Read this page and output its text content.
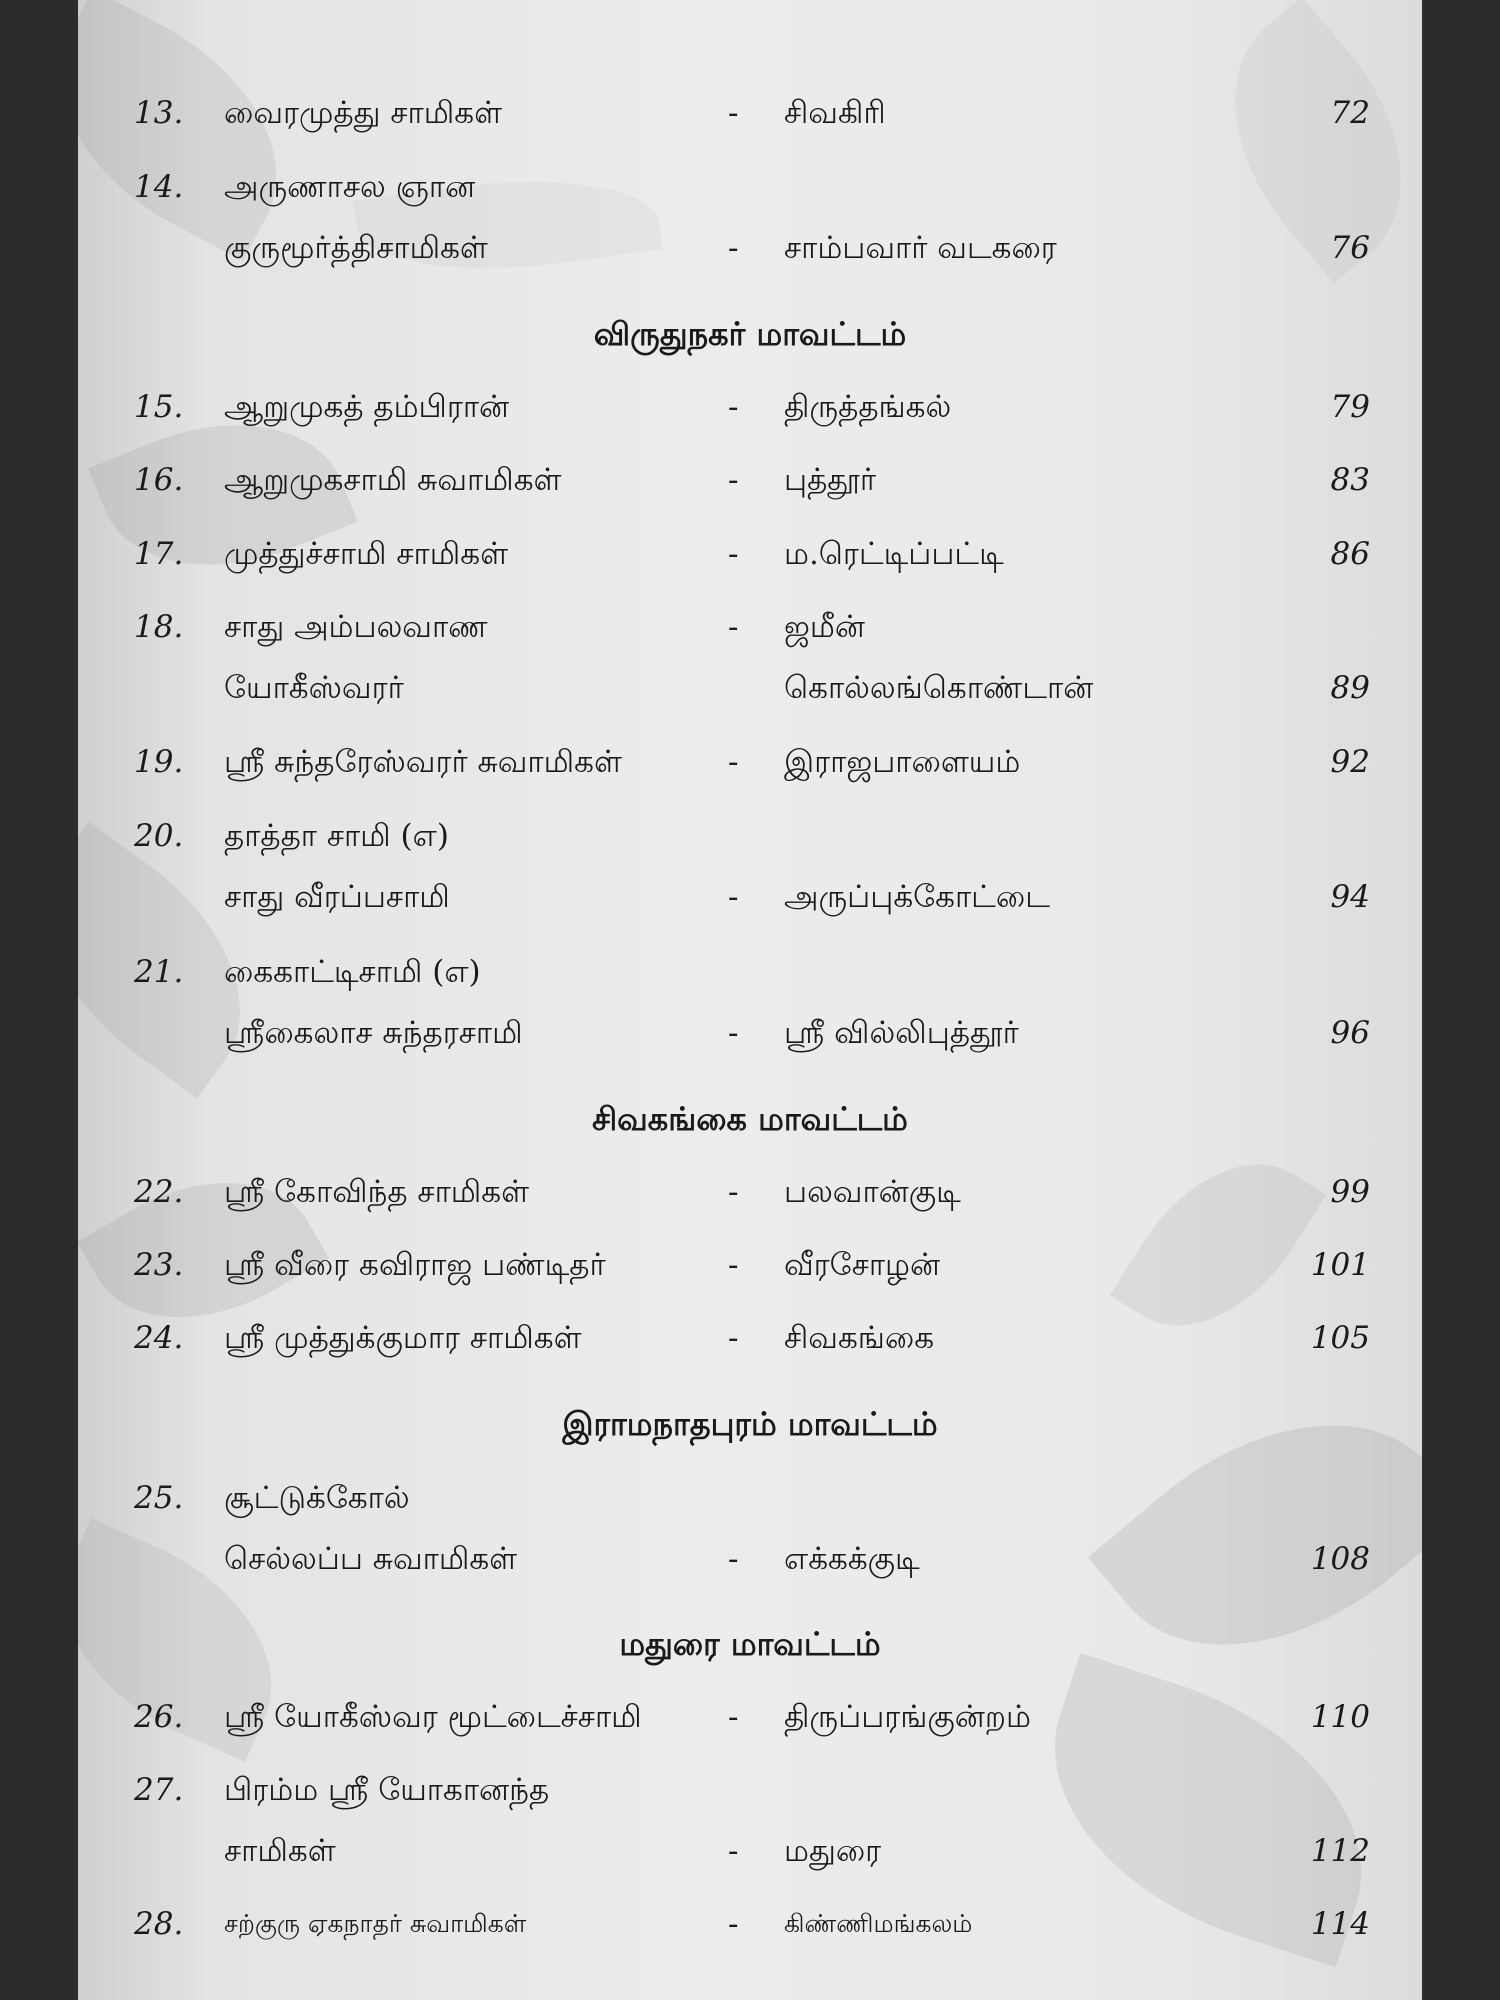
13. வைரமுத்து சாமிகள்	- சிவகிரி	72
14. அருணாசல ஞான
குருமூர்த்திசாமிகள்	- சாம்பவார் வடகரை	76
விருதுநகர் மாவட்டம்
15. ஆறுமுகத் தம்பிரான்	- திருத்தங்கல்	79
16. ஆறுமுகசாமி சுவாமிகள்	- புத்தூர்	83
17. முத்துச்சாமி சாமிகள்	- ம.ரெட்டிப்பட்டி	86
18. சாது அம்பலவாண	- ஜமீன்
யோகீஸ்வரர்	கொல்லங்கொண்டான்	89
19. ஸ்ரீ சுந்தரேஸ்வரர் சுவாமிகள்	- இராஜபாளையம்	92
20. தாத்தா சாமி (எ)
சாது வீரப்பசாமி	- அருப்புக்கோட்டை	94
21. கைகாட்டிசாமி (எ)
ஸ்ரீகைலாச சுந்தரசாமி	- ஸ்ரீ வில்லிபுத்தூர்	96
சிவகங்கை மாவட்டம்
22. ஸ்ரீ கோவிந்த சாமிகள்	- பலவான்குடி	99
23. ஸ்ரீ வீரை கவிராஜ பண்டிதர்	- வீரசோழன்	101
24. ஸ்ரீ முத்துக்குமார சாமிகள்	- சிவகங்கை	105
இராமநாதபுரம் மாவட்டம்
25. சூட்டுக்கோல்
செல்லப்ப சுவாமிகள்	- எக்கக்குடி	108
மதுரை மாவட்டம்
26. ஸ்ரீ யோகீஸ்வர மூட்டைச்சாமி	- திருப்பரங்குன்றம்	110
27. பிரம்ம ஸ்ரீ யோகானந்த
சாமிகள்	- மதுரை	112
28. சற்குரு ஏகநாதர் சுவாமிகள்	- கிண்ணிமங்கலம்	114
